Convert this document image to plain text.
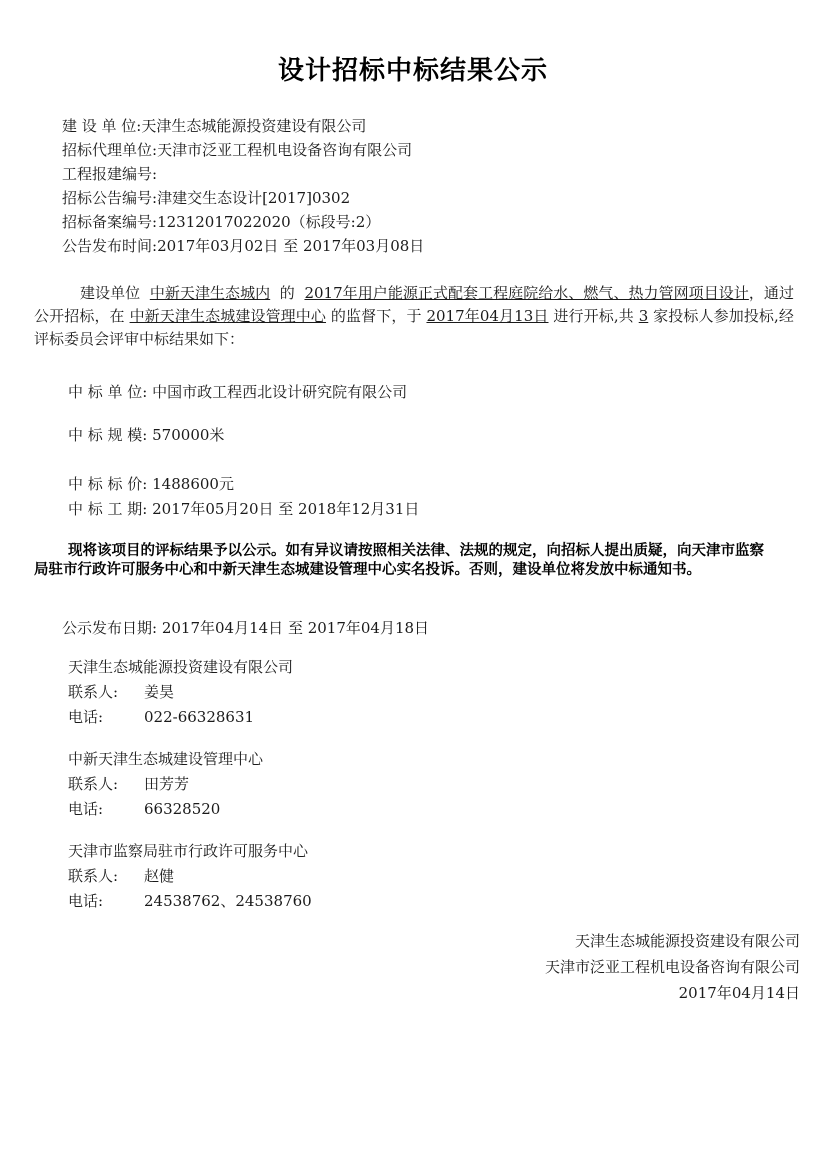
设计招标中标结果公示
建 设 单 位:天津生态城能源投资建设有限公司
招标代理单位:天津市泛亚工程机电设备咨询有限公司
工程报建编号:
招标公告编号:津建交生态设计[2017]0302
招标备案编号:12312017022020（标段号:2）
公告发布时间:2017年03月02日 至 2017年03月08日
建设单位 中新天津生态城内 的 2017年用户能源正式配套工程庭院给水、燃气、热力管网项目设计，通过公开招标，在 中新天津生态城建设管理中心 的监督下，于 2017年04月13日 进行开标,共 3 家投标人参加投标,经评标委员会评审中标结果如下：
中 标 单 位: 中国市政工程西北设计研究院有限公司
中 标 规 模: 570000米
中 标 标 价: 1488600元
中 标 工 期: 2017年05月20日 至 2018年12月31日
现将该项目的评标结果予以公示。如有异议请按照相关法律、法规的规定，向招标人提出质疑，向天津市监察局驻市行政许可服务中心和中新天津生态城建设管理中心实名投诉。否则，建设单位将发放中标通知书。
公示发布日期: 2017年04月14日 至 2017年04月18日
天津生态城能源投资建设有限公司
联系人: 姜昊
电话:	022-66328631
中新天津生态城建设管理中心
联系人: 田芳芳
电话:	66328520
天津市监察局驻市行政许可服务中心
联系人: 赵健
电话:	24538762、24538760
天津生态城能源投资建设有限公司
天津市泛亚工程机电设备咨询有限公司
2017年04月14日
